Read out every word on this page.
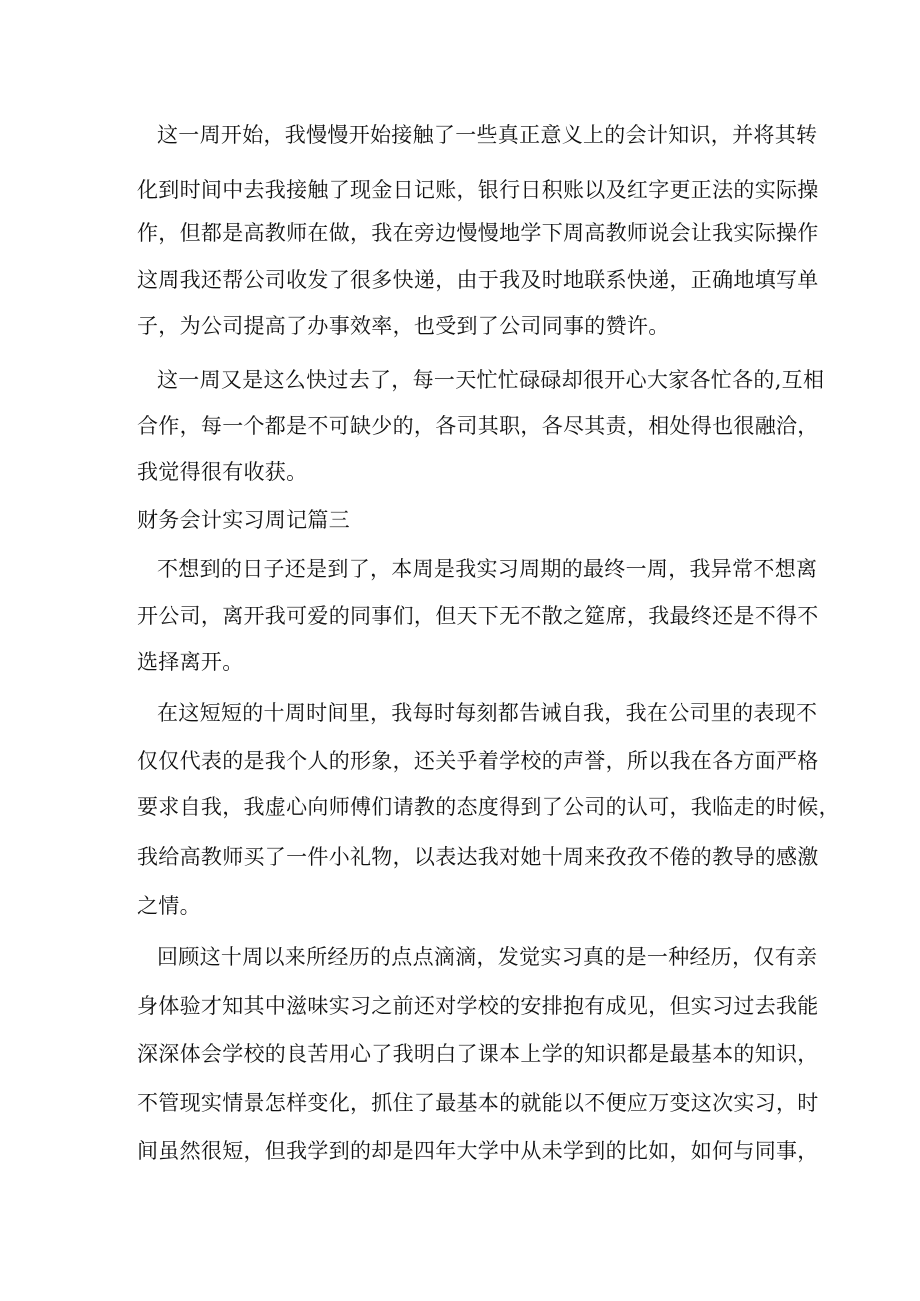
这一周开始，我慢慢开始接触了一些真正意义上的会计知识，并将其转
化到时间中去我接触了现金日记账，银行日积账以及红字更正法的实际操
作，但都是高教师在做，我在旁边慢慢地学下周高教师说会让我实际操作
这周我还帮公司收发了很多快递，由于我及时地联系快递，正确地填写单
子，为公司提高了办事效率，也受到了公司同事的赞许。
这一周又是这么快过去了，每一天忙忙碌碌却很开心大家各忙各的,互相
合作，每一个都是不可缺少的，各司其职，各尽其责，相处得也很融洽，
我觉得很有收获。
财务会计实习周记篇三
不想到的日子还是到了，本周是我实习周期的最终一周，我异常不想离
开公司，离开我可爱的同事们，但天下无不散之筵席，我最终还是不得不
选择离开。
在这短短的十周时间里，我每时每刻都告诫自我，我在公司里的表现不
仅仅代表的是我个人的形象，还关乎着学校的声誉，所以我在各方面严格
要求自我，我虚心向师傅们请教的态度得到了公司的认可，我临走的时候，
我给高教师买了一件小礼物，以表达我对她十周来孜孜不倦的教导的感激
之情。
回顾这十周以来所经历的点点滴滴，发觉实习真的是一种经历，仅有亲
身体验才知其中滋味实习之前还对学校的安排抱有成见，但实习过去我能
深深体会学校的良苦用心了我明白了课本上学的知识都是最基本的知识，
不管现实情景怎样变化，抓住了最基本的就能以不便应万变这次实习，时
间虽然很短，但我学到的却是四年大学中从未学到的比如，如何与同事，
